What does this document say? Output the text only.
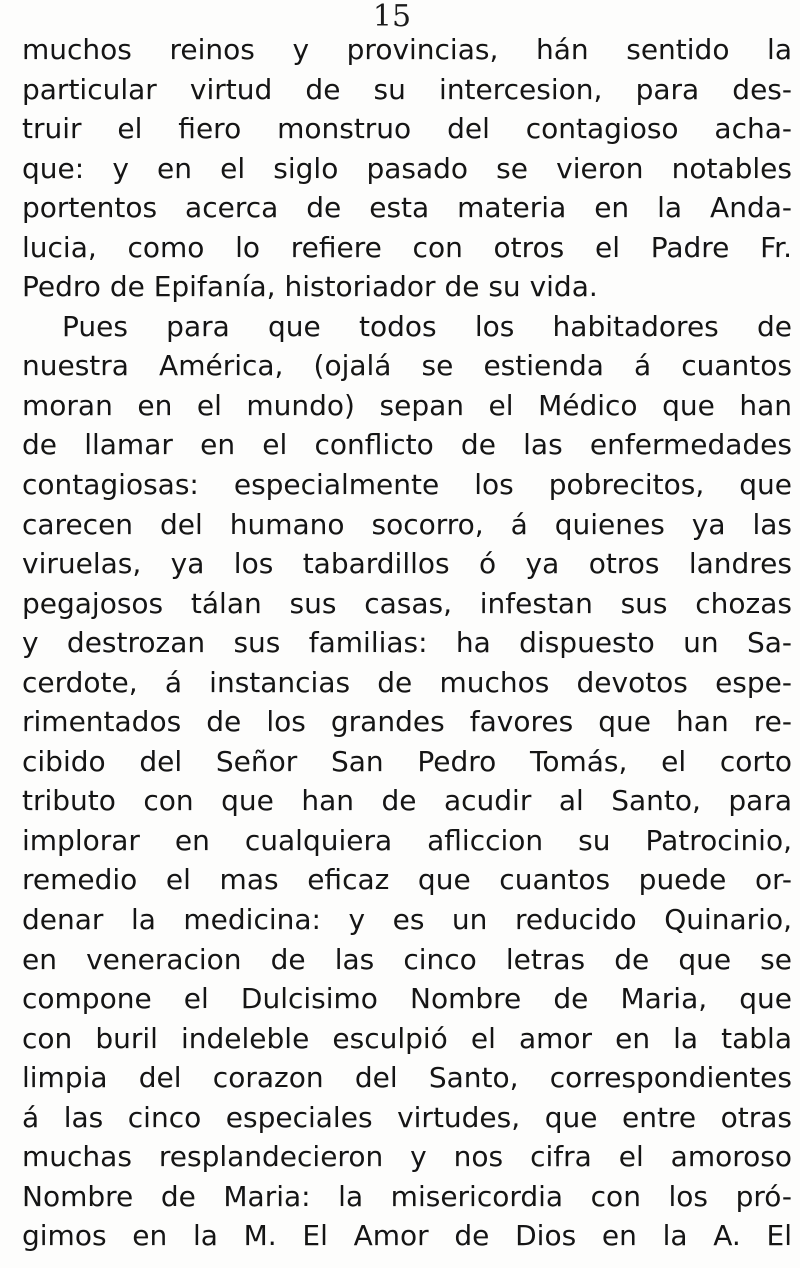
15
muchos reinos y provincias, hán sentido la
particular virtud de su intercesion, para des-
truir el fiero monstruo del contagioso acha-
que: y en el siglo pasado se vieron notables
portentos acerca de esta materia en la Anda-
lucia, como lo refiere con otros el Padre Fr.
Pedro de Epifanía, historiador de su vida.
Pues para que todos los habitadores de
nuestra América, (ojalá se estienda á cuantos
moran en el mundo) sepan el Médico que han
de llamar en el conflicto de las enfermedades
contagiosas: especialmente los pobrecitos, que
carecen del humano socorro, á quienes ya las
viruelas, ya los tabardillos ó ya otros landres
pegajosos tálan sus casas, infestan sus chozas
y destrozan sus familias: ha dispuesto un Sa-
cerdote, á instancias de muchos devotos espe-
rimentados de los grandes favores que han re-
cibido del Señor San Pedro Tomás, el corto
tributo con que han de acudir al Santo, para
implorar en cualquiera afliccion su Patrocinio,
remedio el mas eficaz que cuantos puede or-
denar la medicina: y es un reducido Quinario,
en veneracion de las cinco letras de que se
compone el Dulcisimo Nombre de Maria, que
con buril indeleble esculpió el amor en la tabla
limpia del corazon del Santo, correspondientes
á las cinco especiales virtudes, que entre otras
muchas resplandecieron y nos cifra el amoroso
Nombre de Maria: la misericordia con los pró-
gimos en la M. El Amor de Dios en la A. El
